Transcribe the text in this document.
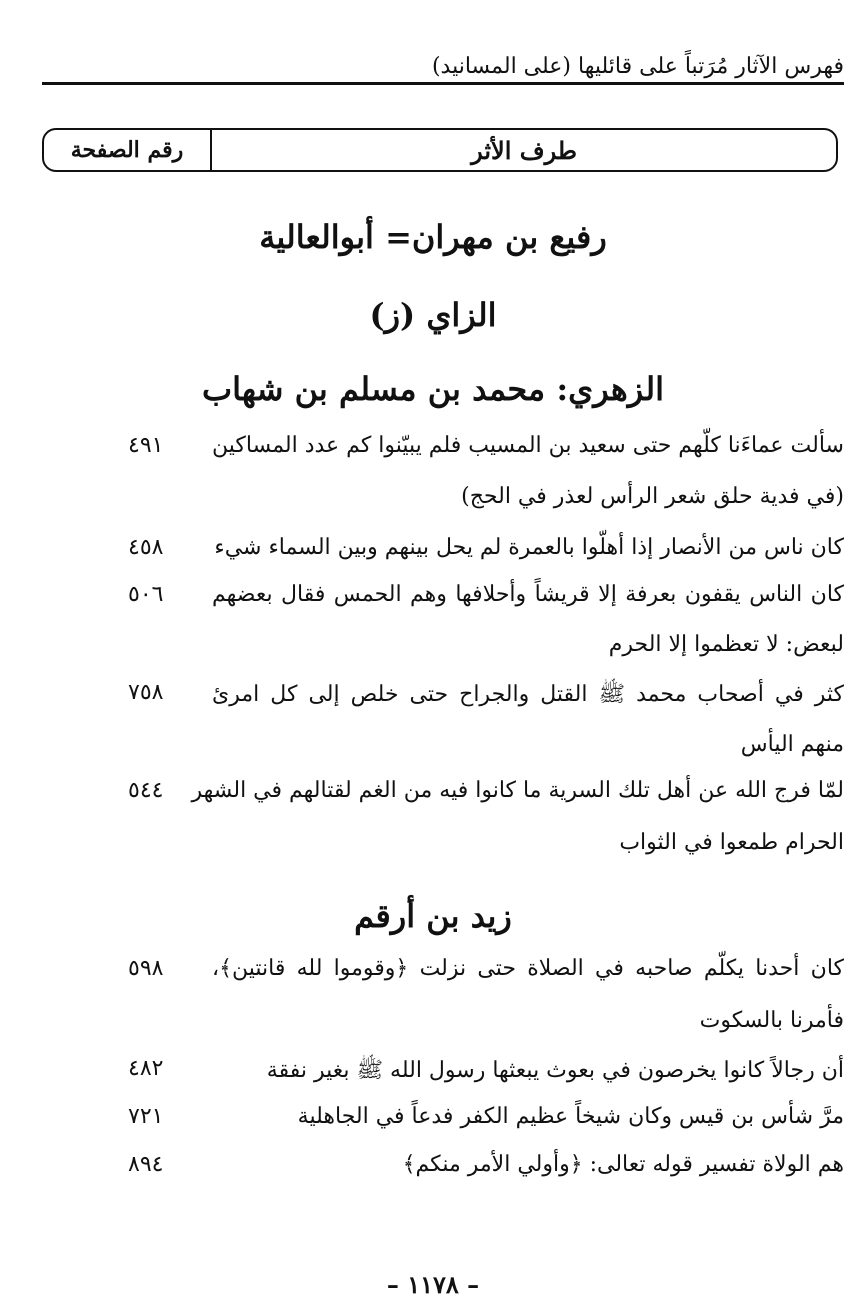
فهرس الآثار مُرَتباً على قائليها (على المسانيد)
طرف الأثر
رقم الصفحة
رفيع بن مهران= أبوالعالية
الزاي (ز)
الزهري: محمد بن مسلم بن شهاب
سألت عماءَنا كلّهم حتى سعيد بن المسيب فلم يبيّنوا كم عدد المساكين
٤٩١
(في فدية حلق شعر الرأس لعذر في الحج)
كان ناس من الأنصار إذا أهلّوا بالعمرة لم يحل بينهم وبين السماء شيء
٤٥٨
كان الناس يقفون بعرفة إلا قريشاً وأحلافها وهم الحمس فقال بعضهم
٥٠٦
لبعض: لا تعظموا إلا الحرم
كثر في أصحاب محمد ﷺ القتل والجراح حتى خلص إلى كل امرئ
٧٥٨
منهم اليأس
لمّا فرج الله عن أهل تلك السرية ما كانوا فيه من الغم لقتالهم في الشهر
٥٤٤
الحرام طمعوا في الثواب
زيد بن أرقم
كان أحدنا يكلّم صاحبه في الصلاة حتى نزلت ﴿وقوموا لله قانتين﴾،
٥٩٨
فأمرنا بالسكوت
أن رجالاً كانوا يخرصون في بعوث يبعثها رسول الله ﷺ بغير نفقة
٤٨٢
مرَّ شأس بن قيس وكان شيخاً عظيم الكفر فدعاً في الجاهلية
٧٢١
هم الولاة تفسير قوله تعالى: ﴿وأولي الأمر منكم﴾
٨٩٤
– ١١٧٨ –
